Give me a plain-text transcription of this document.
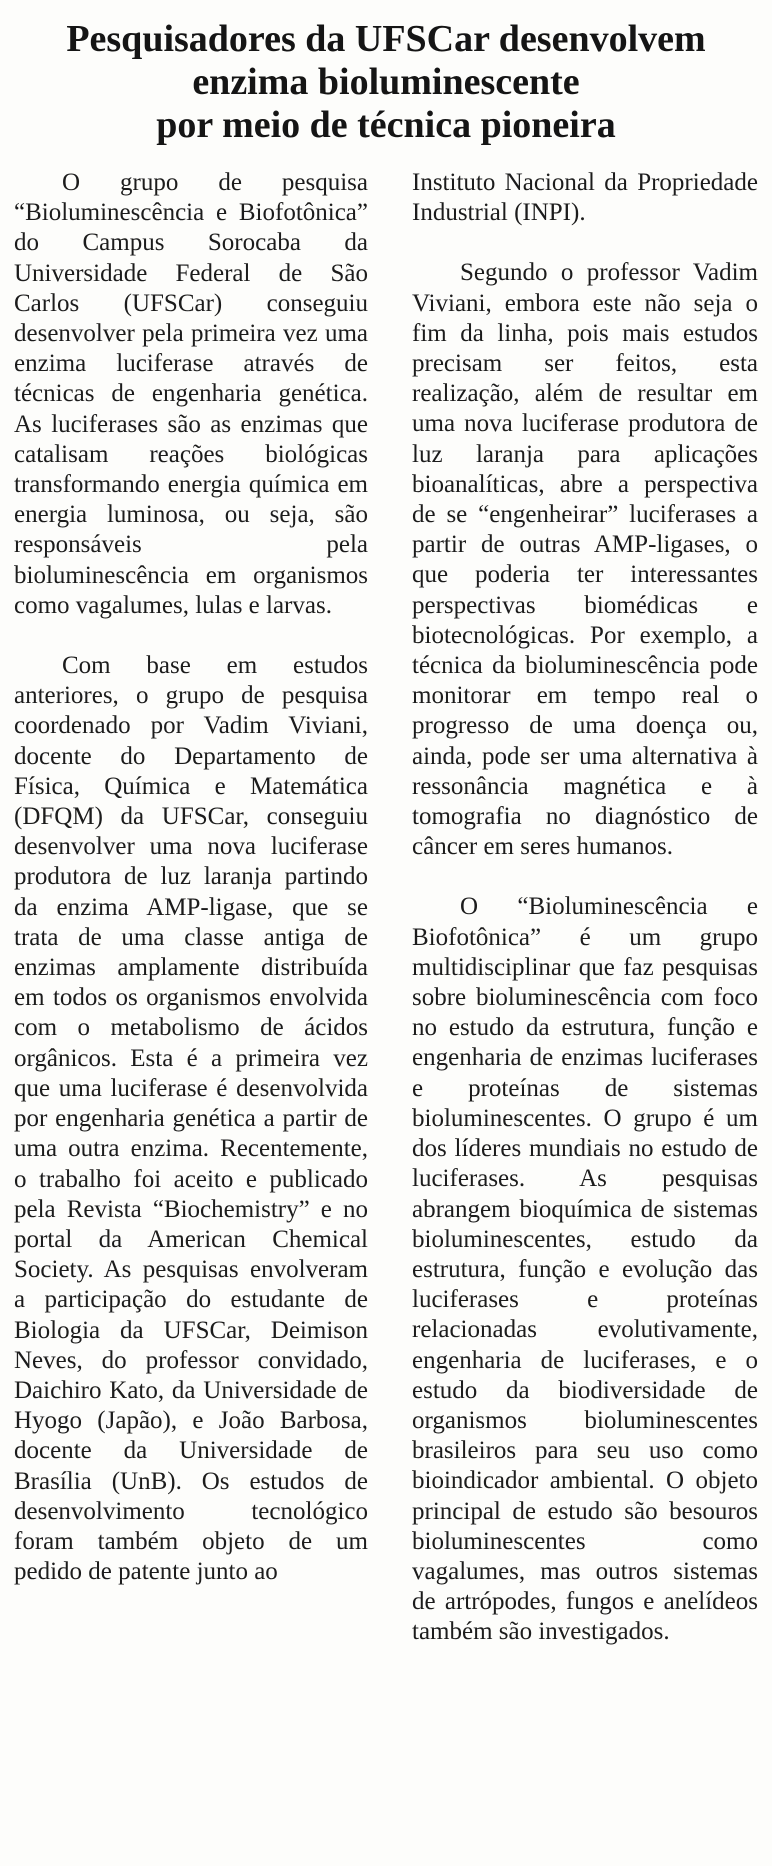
Pesquisadores da UFSCar desenvolvem
enzima bioluminescente
por meio de técnica pioneira

O grupo de pesquisa “Bioluminescência e Biofotônica” do Campus Sorocaba da Universidade Federal de São Carlos (UFSCar) conseguiu desenvolver pela primeira vez uma enzima luciferase através de técnicas de engenharia genética. As luciferases são as enzimas que catalisam reações biológicas transformando energia química em energia luminosa, ou seja, são responsáveis pela bioluminescência em organismos como vagalumes, lulas e larvas.

Com base em estudos anteriores, o grupo de pesquisa coordenado por Vadim Viviani, docente do Departamento de Física, Química e Matemática (DFQM) da UFSCar, conseguiu desenvolver uma nova luciferase produtora de luz laranja partindo da enzima AMP-ligase, que se trata de uma classe antiga de enzimas amplamente distribuída em todos os organismos envolvida com o metabolismo de ácidos orgânicos. Esta é a primeira vez que uma luciferase é desenvolvida por engenharia genética a partir de uma outra enzima. Recentemente, o trabalho foi aceito e publicado pela Revista “Biochemistry” e no portal da American Chemical Society. As pesquisas envolveram a participação do estudante de Biologia da UFSCar, Deimison Neves, do professor convidado, Daichiro Kato, da Universidade de Hyogo (Japão), e João Barbosa, docente da Universidade de Brasília (UnB). Os estudos de desenvolvimento tecnológico foram também objeto de um pedido de patente junto ao

Instituto Nacional da Propriedade Industrial (INPI).

Segundo o professor Vadim Viviani, embora este não seja o fim da linha, pois mais estudos precisam ser feitos, esta realização, além de resultar em uma nova luciferase produtora de luz laranja para aplicações bioanalíticas, abre a perspectiva de se “engenheirar” luciferases a partir de outras AMP-ligases, o que poderia ter interessantes perspectivas biomédicas e biotecnológicas. Por exemplo, a técnica da bioluminescência pode monitorar em tempo real o progresso de uma doença ou, ainda, pode ser uma alternativa à ressonância magnética e à tomografia no diagnóstico de câncer em seres humanos.

O “Bioluminescência e Biofotônica” é um grupo multidisciplinar que faz pesquisas sobre bioluminescência com foco no estudo da estrutura, função e engenharia de enzimas luciferases e proteínas de sistemas bioluminescentes. O grupo é um dos líderes mundiais no estudo de luciferases. As pesquisas abrangem bioquímica de sistemas bioluminescentes, estudo da estrutura, função e evolução das luciferases e proteínas relacionadas evolutivamente, engenharia de luciferases, e o estudo da biodiversidade de organismos bioluminescentes brasileiros para seu uso como bioindicador ambiental. O objeto principal de estudo são besouros bioluminescentes como vagalumes, mas outros sistemas de artrópodes, fungos e anelídeos também são investigados.
